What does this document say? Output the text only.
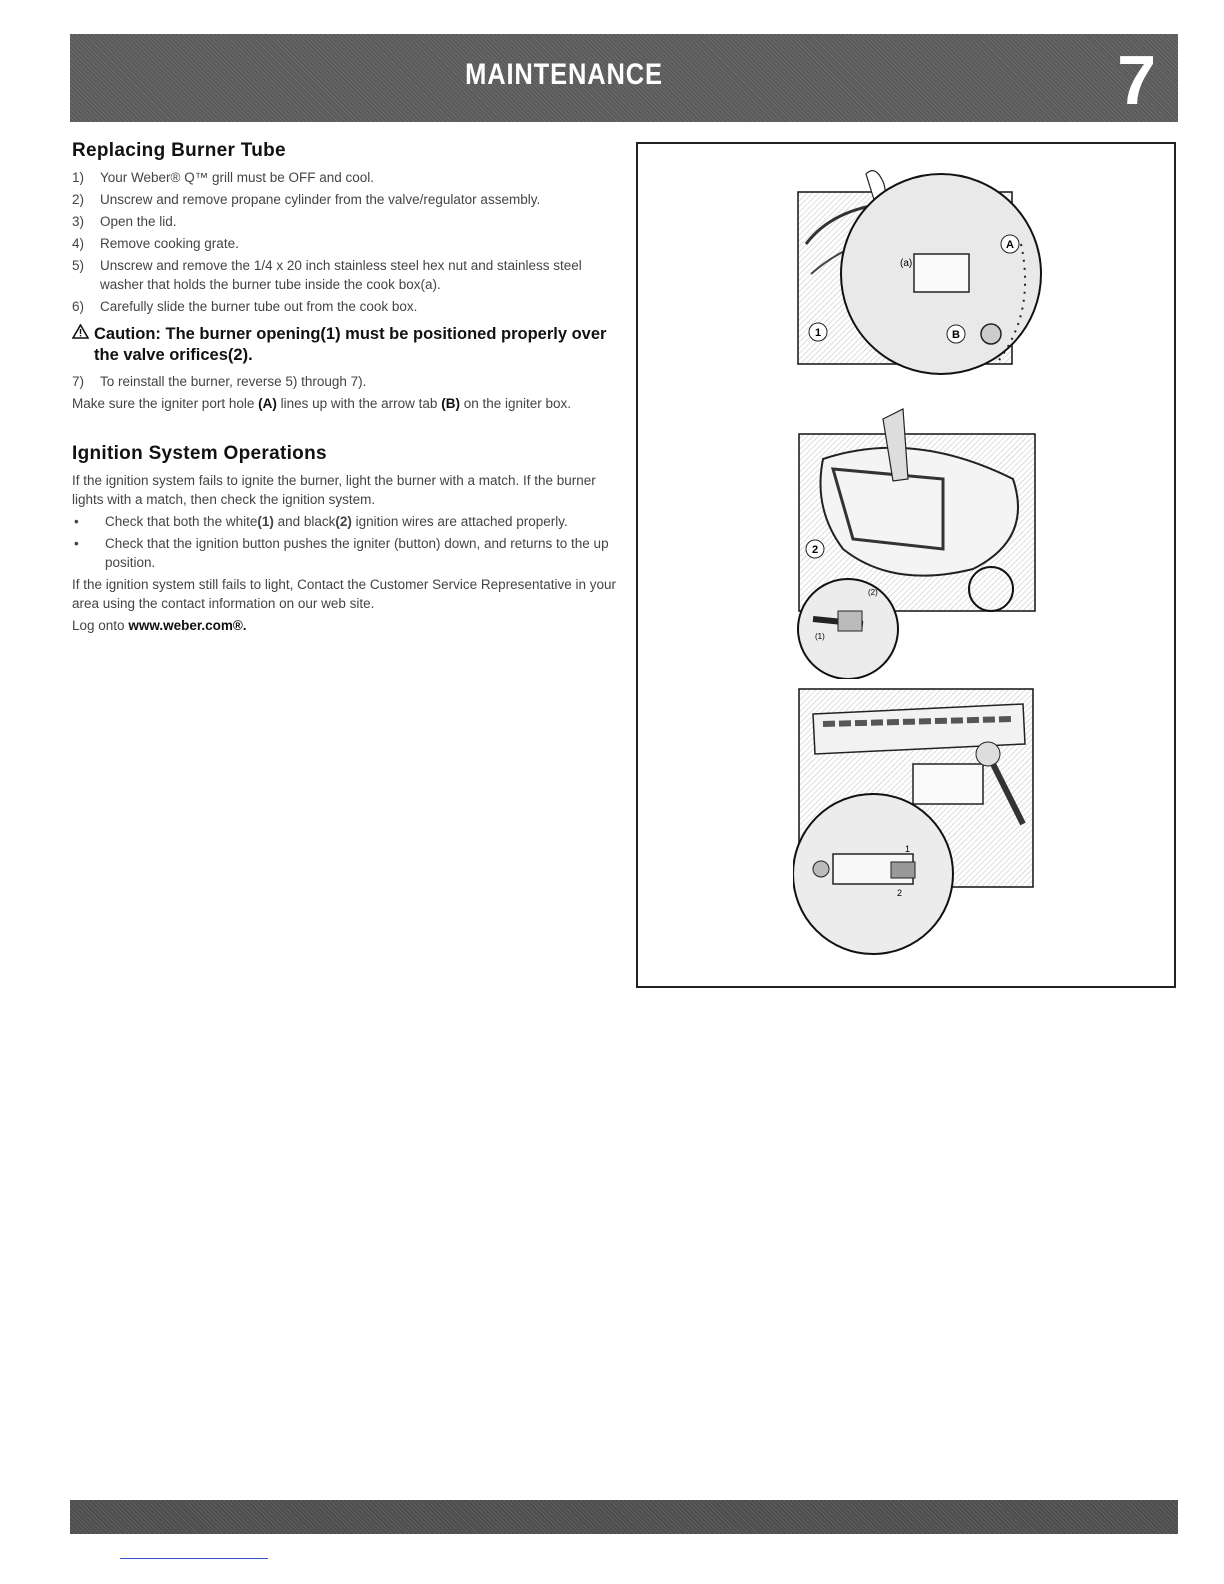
MAINTENANCE	7
Replacing Burner Tube
1)	Your Weber® Q™ grill must be OFF and cool.
2)	Unscrew and remove propane cylinder from the valve/regulator assembly.
3)	Open the lid.
4)	Remove cooking grate.
5)	Unscrew and remove the 1/4 x 20 inch stainless steel hex nut and stainless steel washer that holds the burner tube inside the cook box(a).
6)	Carefully slide the burner tube out from the cook box.
Caution: The burner opening(1) must be positioned properly over the valve orifices(2).
7)	To reinstall the burner, reverse 5) through 7).

Make sure the igniter port hole (A) lines up with the arrow tab (B) on the igniter box.

Ignition System Operations

If the ignition system fails to ignite the burner, light the burner with a match. If the burner lights with a match, then check the ignition system.

•	Check that both the white(1) and black(2) ignition wires are attached properly.
•	Check that the ignition button pushes the igniter (button) down, and returns to the up position.

If the ignition system still fails to light, Contact the Customer Service Representative in your area using the contact information on our web site.

Log onto www.weber.com®.

1
A
B
(a)
2
(1)
(2)
1
2
